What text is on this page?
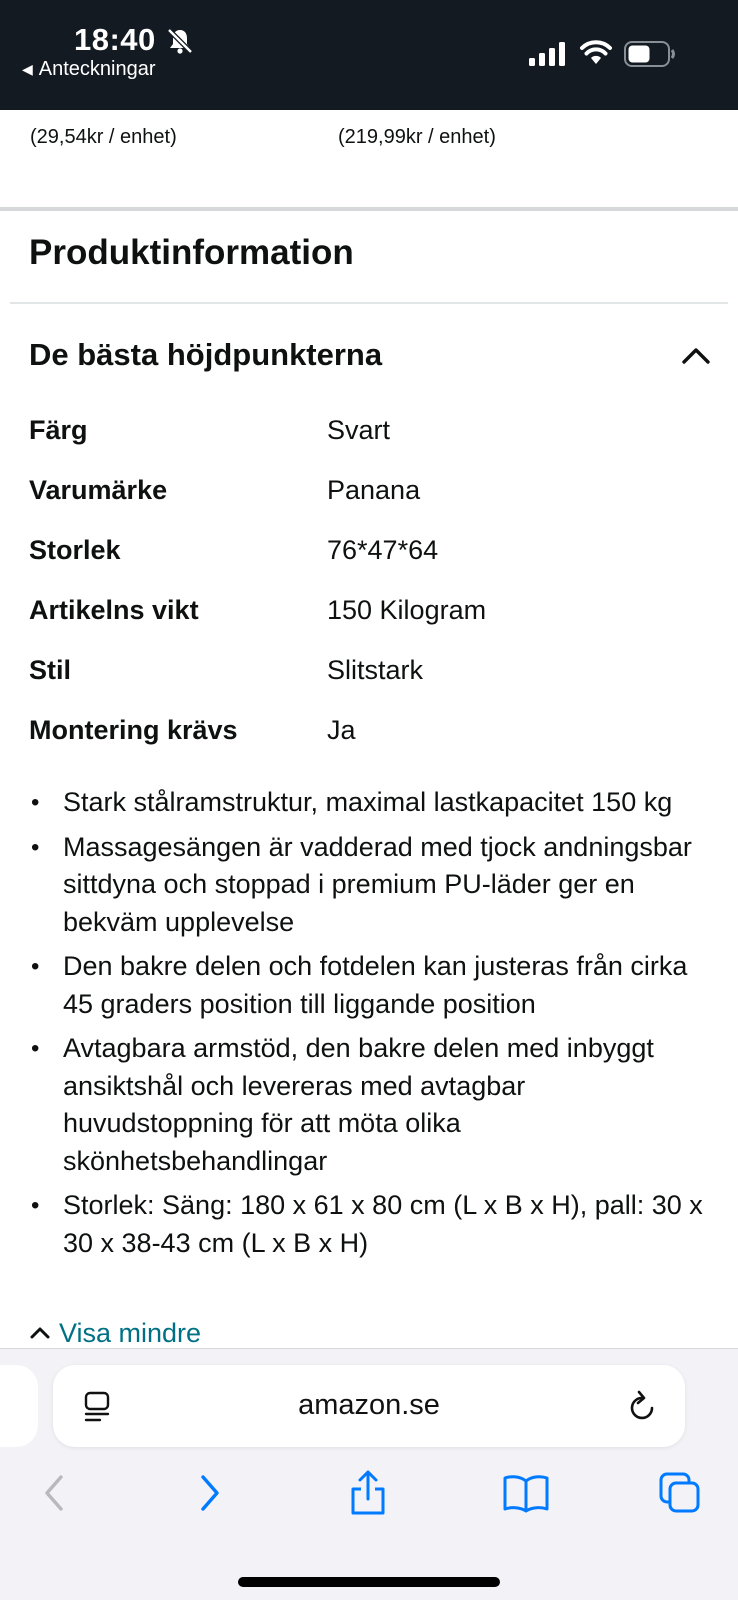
18:40
◀ Anteckningar
(29,54kr / enhet)	(219,99kr / enhet)
Produktinformation
De bästa höjdpunkterna
Färg	Svart
Varumärke	Panana
Storlek	76*47*64
Artikelns vikt	150 Kilogram
Stil	Slitstark
Montering krävs	Ja
• Stark stålramstruktur, maximal lastkapacitet 150 kg
• Massagesängen är vadderad med tjock andningsbar sittdyna och stoppad i premium PU-läder ger en bekväm upplevelse
• Den bakre delen och fotdelen kan justeras från cirka 45 graders position till liggande position
• Avtagbara armstöd, den bakre delen med inbyggt ansiktshål och levereras med avtagbar huvudstoppning för att möta olika skönhetsbehandlingar
• Storlek: Säng: 180 x 61 x 80 cm (L x B x H), pall: 30 x 30 x 38-43 cm (L x B x H)
Visa mindre
amazon.se
